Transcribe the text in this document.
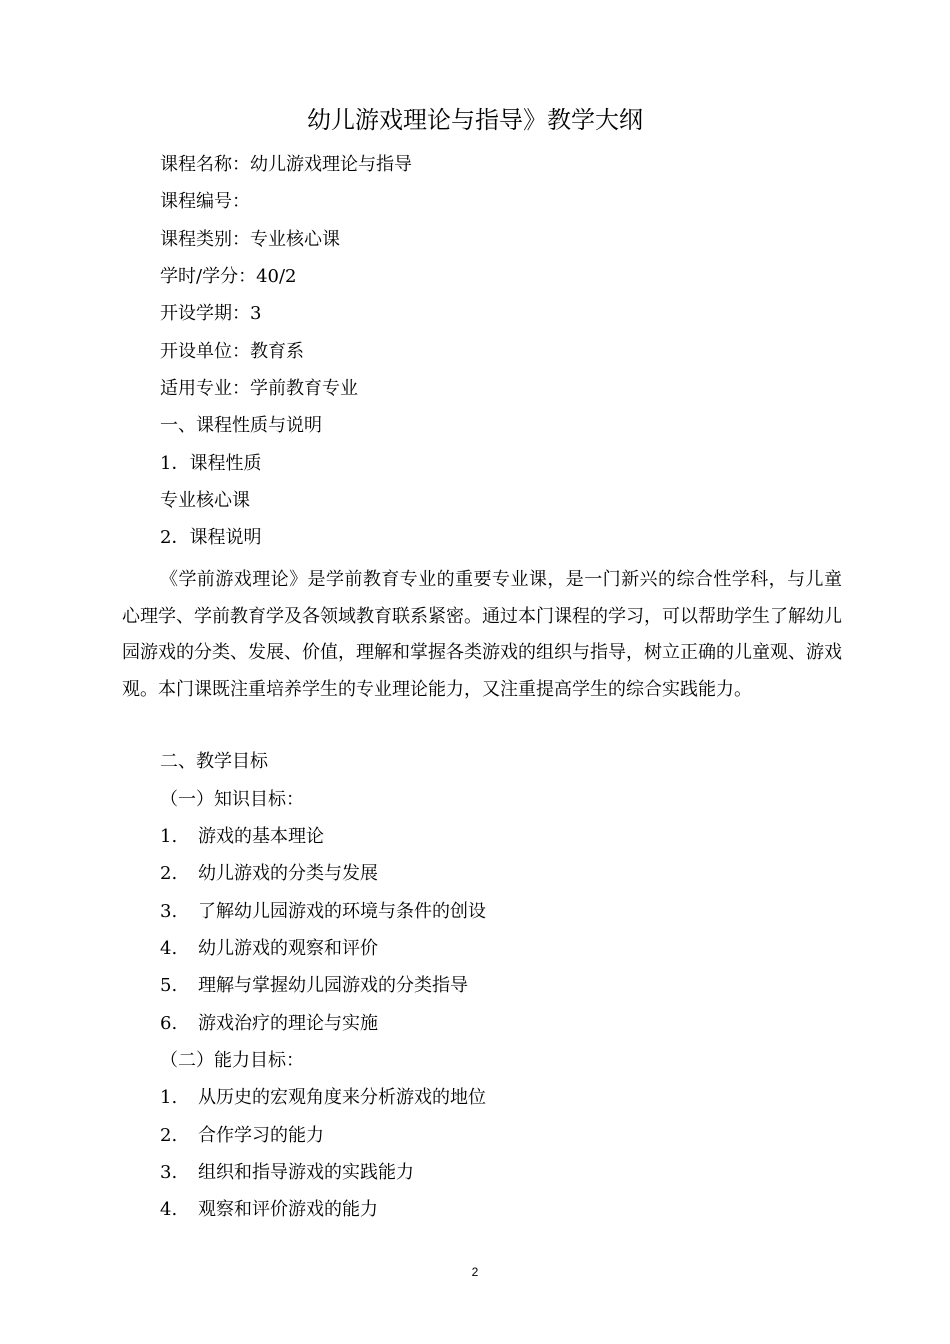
幼儿游戏理论与指导》教学大纲
课程名称：幼儿游戏理论与指导
课程编号：
课程类别：专业核心课
学时/学分：40/2
开设学期：3
开设单位：教育系
适用专业：学前教育专业
一、课程性质与说明
1．课程性质
专业核心课
2．课程说明
《学前游戏理论》是学前教育专业的重要专业课，是一门新兴的综合性学科，与儿童心理学、学前教育学及各领域教育联系紧密。通过本门课程的学习，可以帮助学生了解幼儿园游戏的分类、发展、价值，理解和掌握各类游戏的组织与指导，树立正确的儿童观、游戏观。本门课既注重培养学生的专业理论能力，又注重提高学生的综合实践能力。
二、教学目标
（一）知识目标：
1. 游戏的基本理论
2. 幼儿游戏的分类与发展
3. 了解幼儿园游戏的环境与条件的创设
4. 幼儿游戏的观察和评价
5. 理解与掌握幼儿园游戏的分类指导
6. 游戏治疗的理论与实施
（二）能力目标：
1. 从历史的宏观角度来分析游戏的地位
2. 合作学习的能力
3. 组织和指导游戏的实践能力
4. 观察和评价游戏的能力
2
